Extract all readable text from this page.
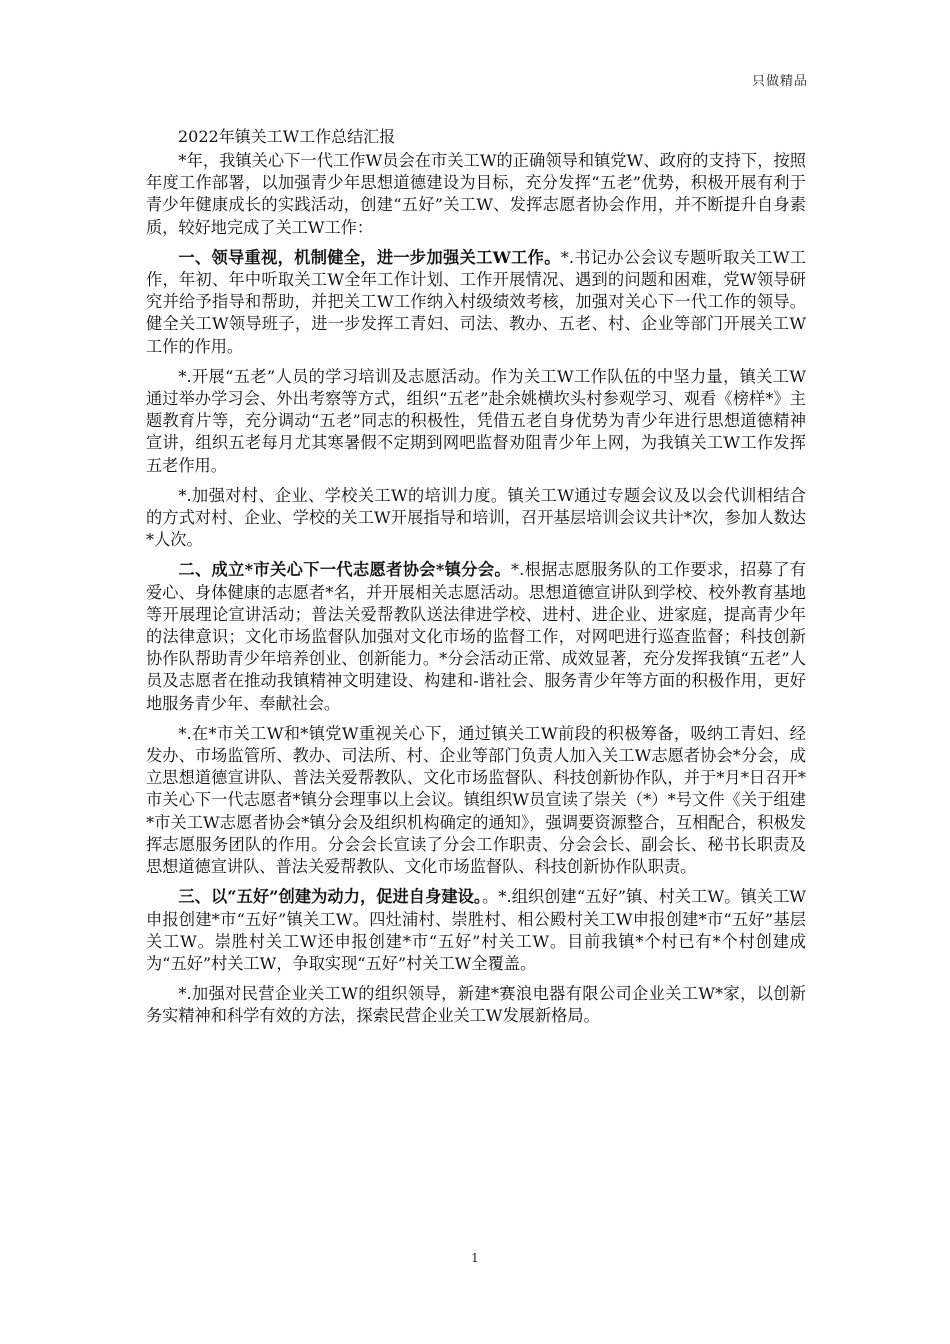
只做精品
2022年镇关工W工作总结汇报

*年，我镇关心下一代工作W员会在市关工W的正确领导和镇党W、政府的支持下，按照年度工作部署，以加强青少年思想道德建设为目标，充分发挥“五老”优势，积极开展有利于青少年健康成长的实践活动，创建“五好”关工W、发挥志愿者协会作用，并不断提升自身素质，较好地完成了关工W工作：

一、领导重视，机制健全，进一步加强关工W工作。*.书记办公会议专题听取关工W工作，年初、年中听取关工W全年工作计划、工作开展情况、遇到的问题和困难，党W领导研究并给予指导和帮助，并把关工W工作纳入村级绩效考核，加强对关心下一代工作的领导。健全关工W领导班子，进一步发挥工青妇、司法、教办、五老、村、企业等部门开展关工W工作的作用。

*.开展“五老”人员的学习培训及志愿活动。作为关工W工作队伍的中坚力量，镇关工W通过举办学习会、外出考察等方式，组织“五老”赴余姚横坎头村参观学习、观看《榜样*》主题教育片等，充分调动“五老”同志的积极性，凭借五老自身优势为青少年进行思想道德精神宣讲，组织五老每月尤其寒暑假不定期到网吧监督劝阻青少年上网，为我镇关工W工作发挥五老作用。

*.加强对村、企业、学校关工W的培训力度。镇关工W通过专题会议及以会代训相结合的方式对村、企业、学校的关工W开展指导和培训，召开基层培训会议共计*次，参加人数达*人次。

二、成立*市关心下一代志愿者协会*镇分会。*.根据志愿服务队的工作要求，招募了有爱心、身体健康的志愿者*名，并开展相关志愿活动。思想道德宣讲队到学校、校外教育基地等开展理论宣讲活动；普法关爱帮教队送法律进学校、进村、进企业、进家庭，提高青少年的法律意识；文化市场监督队加强对文化市场的监督工作，对网吧进行巡查监督；科技创新协作队帮助青少年培养创业、创新能力。*分会活动正常、成效显著，充分发挥我镇“五老”人员及志愿者在推动我镇精神文明建设、构建和-谐社会、服务青少年等方面的积极作用，更好地服务青少年、奉献社会。

*.在*市关工W和*镇党W重视关心下，通过镇关工W前段的积极筹备，吸纳工青妇、经发办、市场监管所、教办、司法所、村、企业等部门负责人加入关工W志愿者协会*分会，成立思想道德宣讲队、普法关爱帮教队、文化市场监督队、科技创新协作队，并于*月*日召开*市关心下一代志愿者*镇分会理事以上会议。镇组织W员宣读了崇关（*）*号文件《关于组建*市关工W志愿者协会*镇分会及组织机构确定的通知》，强调要资源整合，互相配合，积极发挥志愿服务团队的作用。分会会长宣读了分会工作职责、分会会长、副会长、秘书长职责及思想道德宣讲队、普法关爱帮教队、文化市场监督队、科技创新协作队职责。

三、以“五好”创建为动力，促进自身建设。。*.组织创建“五好”镇、村关工W。镇关工W申报创建*市“五好”镇关工W。四灶浦村、崇胜村、相公殿村关工W申报创建*市“五好”基层关工W。崇胜村关工W还申报创建*市“五好”村关工W。目前我镇*个村已有*个村创建成为“五好”村关工W，争取实现“五好”村关工W全覆盖。

*.加强对民营企业关工W的组织领导，新建*赛浪电器有限公司企业关工W*家，以创新务实精神和科学有效的方法，探索民营企业关工W发展新格局。

1
